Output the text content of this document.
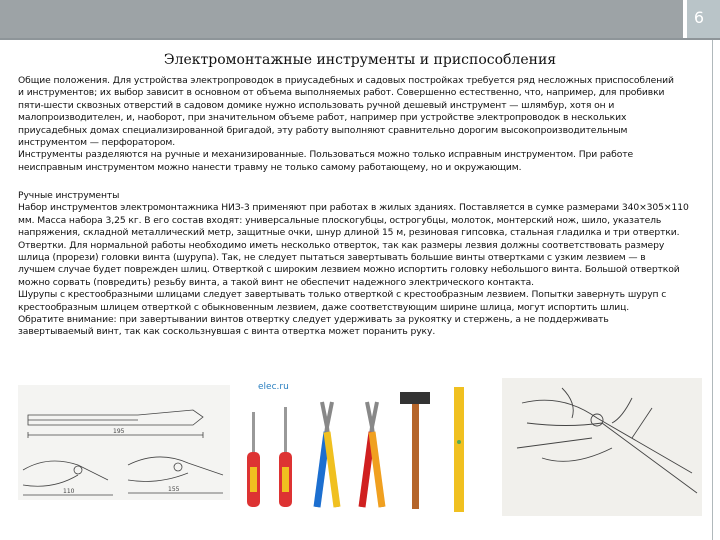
6
Электромонтажные инструменты и приспособления
Общие положения. Для устройства электропроводок в приусадебных и садовых постройках требуется ряд несложных приспособлений
и инструментов; их выбор зависит в основном от объема выполняемых работ. Совершенно естественно, что, например, для пробивки
пяти-шести сквозных отверстий в садовом домике нужно использовать ручной дешевый инструмент — шлямбур, хотя он и
малопроизводителен, и, наоборот, при значительном объеме работ, например при устройстве электропроводок в нескольких
приусадебных домах специализированной бригадой, эту работу выполняют сравнительно дорогим высокопроизводительным
инструментом — перфоратором.
Инструменты разделяются на ручные и механизированные. Пользоваться можно только исправным инструментом. При работе
неисправным инструментом можно нанести травму не только самому работающему, но и окружающим.
Ручные инструменты
Набор инструментов электромонтажника НИЗ-3 применяют при работах в жилых зданиях. Поставляется в сумке размерами 340×305×110
мм. Масса набора 3,25 кг. В его состав входят: универсальные плоскогубцы, острогубцы, молоток, монтерский нож, шило, указатель
напряжения, складной металлический метр, защитные очки, шнур длиной 15 м, резиновая гипсовка, стальная гладилка и три отвертки.
Отвертки. Для нормальной работы необходимо иметь несколько отверток, так как размеры лезвия должны соответствовать размеру
шлица (прорези) головки винта (шурупа). Так, не следует пытаться завертывать большие винты отвертками с узким лезвием — в
лучшем случае будет поврежден шлиц. Отверткой с широким лезвием можно испортить головку небольшого винта. Большой отверткой
можно сорвать (повредить) резьбу винта, а такой винт не обеспечит надежного электрического контакта.
Шурупы с крестообразными шлицами следует завертывать только отверткой с крестообразным лезвием. Попытки завернуть шуруп с
крестообразным шлицем отверткой с обыкновенным лезвием, даже соответствующим ширине шлица, могут испортить шлиц.
Обратите внимание: при завертывании винтов отвертку следует удерживать за рукоятку и стержень, а не поддерживать
завертываемый винт, так как соскользнувшая с винта отвертка может поранить руку.
195
110	155
elec.ru
